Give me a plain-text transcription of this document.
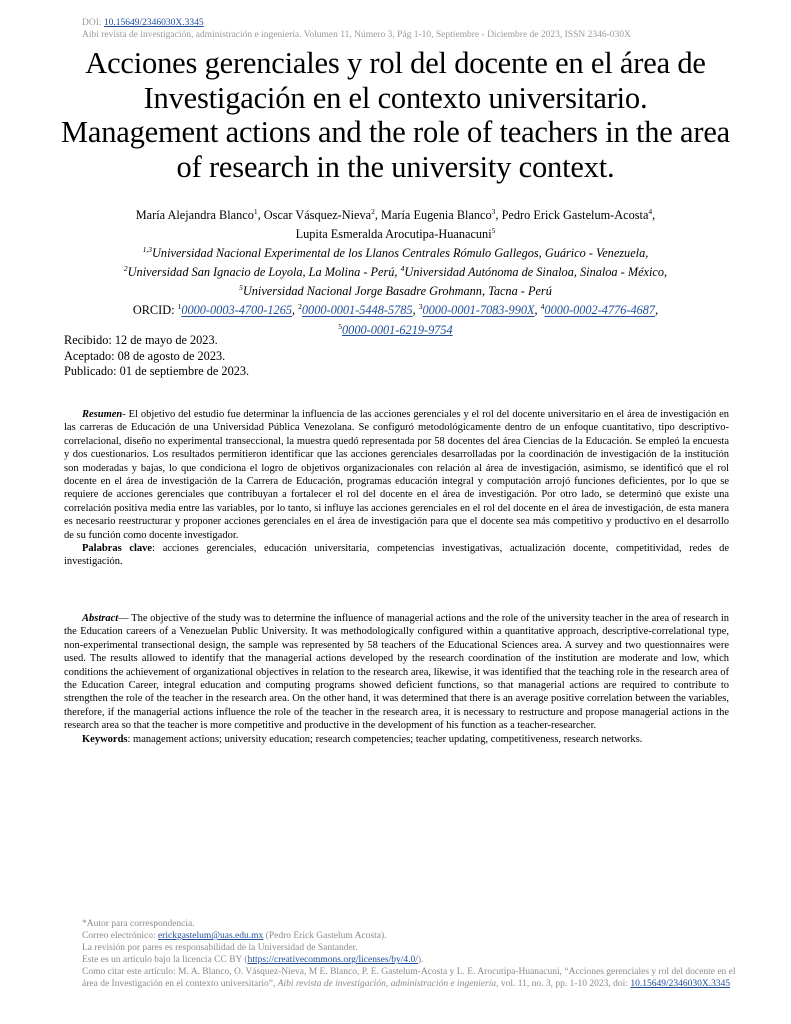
DOI: 10.15649/2346030X.3345
Aibi revista de investigación, administración e ingeniería. Volumen 11, Número 3, Pág 1-10, Septiembre - Diciembre de 2023, ISSN 2346-030X
Acciones gerenciales y rol del docente en el área de
Investigación en el contexto universitario.
Management actions and the role of teachers in the area
of research in the university context.
María Alejandra Blanco$^1$, Oscar Vásquez-Nieva$^2$, María Eugenia Blanco$^3$, Pedro Erick Gastelum-Acosta$^4$,
Lupita Esmeralda Arocutipa-Huanacuni$^5$
$^{1,3}$Universidad Nacional Experimental de los Llanos Centrales Rómulo Gallegos, Guárico - Venezuela,
$^2$Universidad San Ignacio de Loyola, La Molina - Perú, $^4$Universidad Autónoma de Sinaloa, Sinaloa - México,
$^5$Universidad Nacional Jorge Basadre Grohmann, Tacna - Perú
ORCID: $^1$0000-0003-4700-1265, $^2$0000-0001-5448-5785, $^3$0000-0001-7083-990X, $^4$0000-0002-4776-4687,
$^5$0000-0001-6219-9754
Recibido: 12 de mayo de 2023.
Aceptado: 08 de agosto de 2023.
Publicado: 01 de septiembre de 2023.

Resumen- El objetivo del estudio fue determinar la influencia de las acciones gerenciales y el rol del docente universitario en el área de investigación en las carreras de Educación de una Universidad Pública Venezolana. Se configuró metodológicamente dentro de un enfoque cuantitativo, tipo descriptivo-correlacional, diseño no experimental transeccional, la muestra quedó representada por 58 docentes del área Ciencias de la Educación. Se empleó la encuesta y dos cuestionarios. Los resultados permitieron identificar que las acciones gerenciales desarrolladas por la coordinación de investigación de la institución son moderadas y bajas, lo que condiciona el logro de objetivos organizacionales con relación al área de investigación, asimismo, se identificó que el rol docente en el área de investigación de la Carrera de Educación, programas educación integral y computación arrojó funciones deficientes, por lo que se requiere de acciones gerenciales que contribuyan a fortalecer el rol del docente en el área de investigación. Por otro lado, se determinó que existe una correlación positiva media entre las variables, por lo tanto, si influye las acciones gerenciales en el rol del docente en el área de investigación, de esta manera es necesario reestructurar y proponer acciones gerenciales en el área de investigación para que el docente sea más competitivo y productivo en el desarrollo de su función como docente investigador.

Palabras clave: acciones gerenciales, educación universitaria, competencias investigativas, actualización docente, competitividad, redes de investigación.

Abstract— The objective of the study was to determine the influence of managerial actions and the role of the university teacher in the area of research in the Education careers of a Venezuelan Public University. It was methodologically configured within a quantitative approach, descriptive-correlational type, non-experimental transectional design, the sample was represented by 58 teachers of the Educational Sciences area. A survey and two questionnaires were used. The results allowed to identify that the managerial actions developed by the research coordination of the institution are moderate and low, which conditions the achievement of organizational objectives in relation to the research area, likewise, it was identified that the teaching role in the research area of the Education Career, integral education and computing programs showed deficient functions, so that managerial actions are required to contribute to strengthen the role of the teacher in the research area. On the other hand, it was determined that there is an average positive correlation between the variables, therefore, if the managerial actions influence the role of the teacher in the research area, it is necessary to restructure and propose managerial actions in the research area so that the teacher is more competitive and productive in the development of his function as a teacher-researcher.

Keywords: management actions; university education; research competencies; teacher updating, competitiveness, research networks.

*Autor para correspondencia.
Correo electrónico: erickgastelum@uas.edu.mx (Pedro Erick Gastelum Acosta).
La revisión por pares es responsabilidad de la Universidad de Santander.
Este es un artículo bajo la licencia CC BY (https://creativecommons.org/licenses/by/4.0/).
Como citar este artículo: M. A. Blanco, O. Vásquez-Nieva, M E. Blanco, P. E. Gastelum-Acosta y L. E. Arocutipa-Huanacuni, “Acciones gerenciales y rol del docente en el área de Investigación en el contexto universitario”, Aibi revista de investigación, administración e ingeniería, vol. 11, no. 3, pp. 1-10 2023, doi: 10.15649/2346030X.3345
